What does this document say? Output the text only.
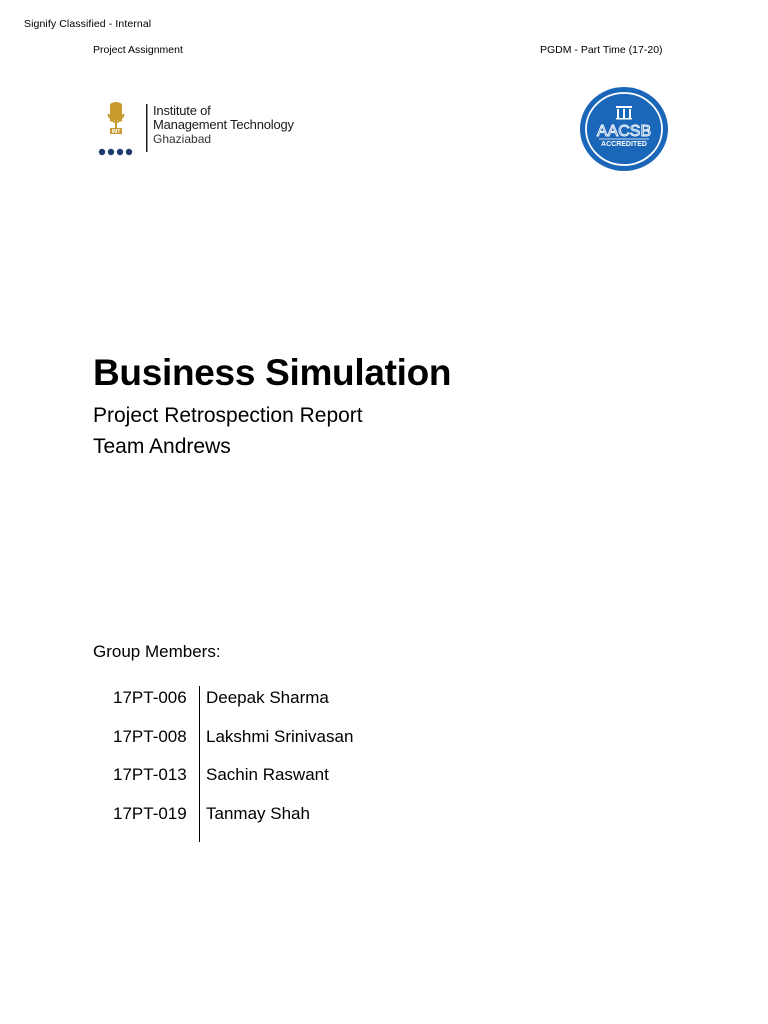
Signify Classified - Internal
Project Assignment	PGDM - Part Time (17-20)
IMT
Institute of
Management Technology
Ghaziabad	AACSB
ACCREDITED
Business Simulation
Project Retrospection Report
Team Andrews
Group Members:
17PT-006 Deepak Sharma
17PT-008 Lakshmi Srinivasan
17PT-013 Sachin Raswant
17PT-019 Tanmay Shah
